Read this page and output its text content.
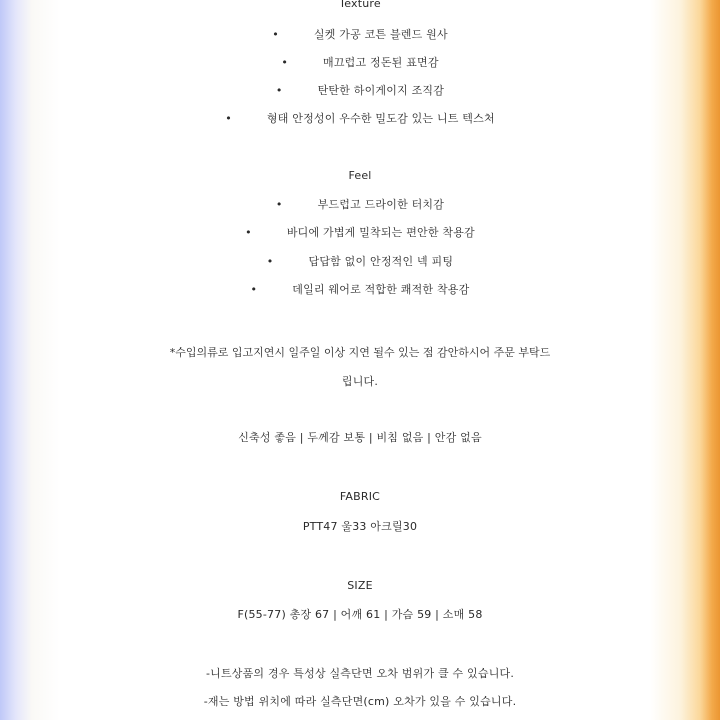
Texture
•	실켓 가공 코튼 블렌드 원사
•	매끄럽고 정돈된 표면감
•	탄탄한 하이게이지 조직감
•	형태 안정성이 우수한 밀도감 있는 니트 텍스처
Feel
•	부드럽고 드라이한 터치감
•	바디에 가볍게 밀착되는 편안한 착용감
•	답답함 없이 안정적인 넥 피팅
•	데일리 웨어로 적합한 쾌적한 착용감
*수입의류로 입고지연시 일주일 이상 지연 될수 있는 점 감안하시어 주문 부탁드
립니다.
신축성 좋음 | 두께감 보통 | 비침 없음 | 안감 없음
FABRIC
PTT47 울33 아크릴30
SIZE
F(55-77) 총장 67 | 어깨 61 | 가슴 59 | 소매 58
-니트상품의 경우 특성상 실측단면 오차 범위가 클 수 있습니다.
-재는 방법 위치에 따라 실측단면(cm) 오차가 있을 수 있습니다.
